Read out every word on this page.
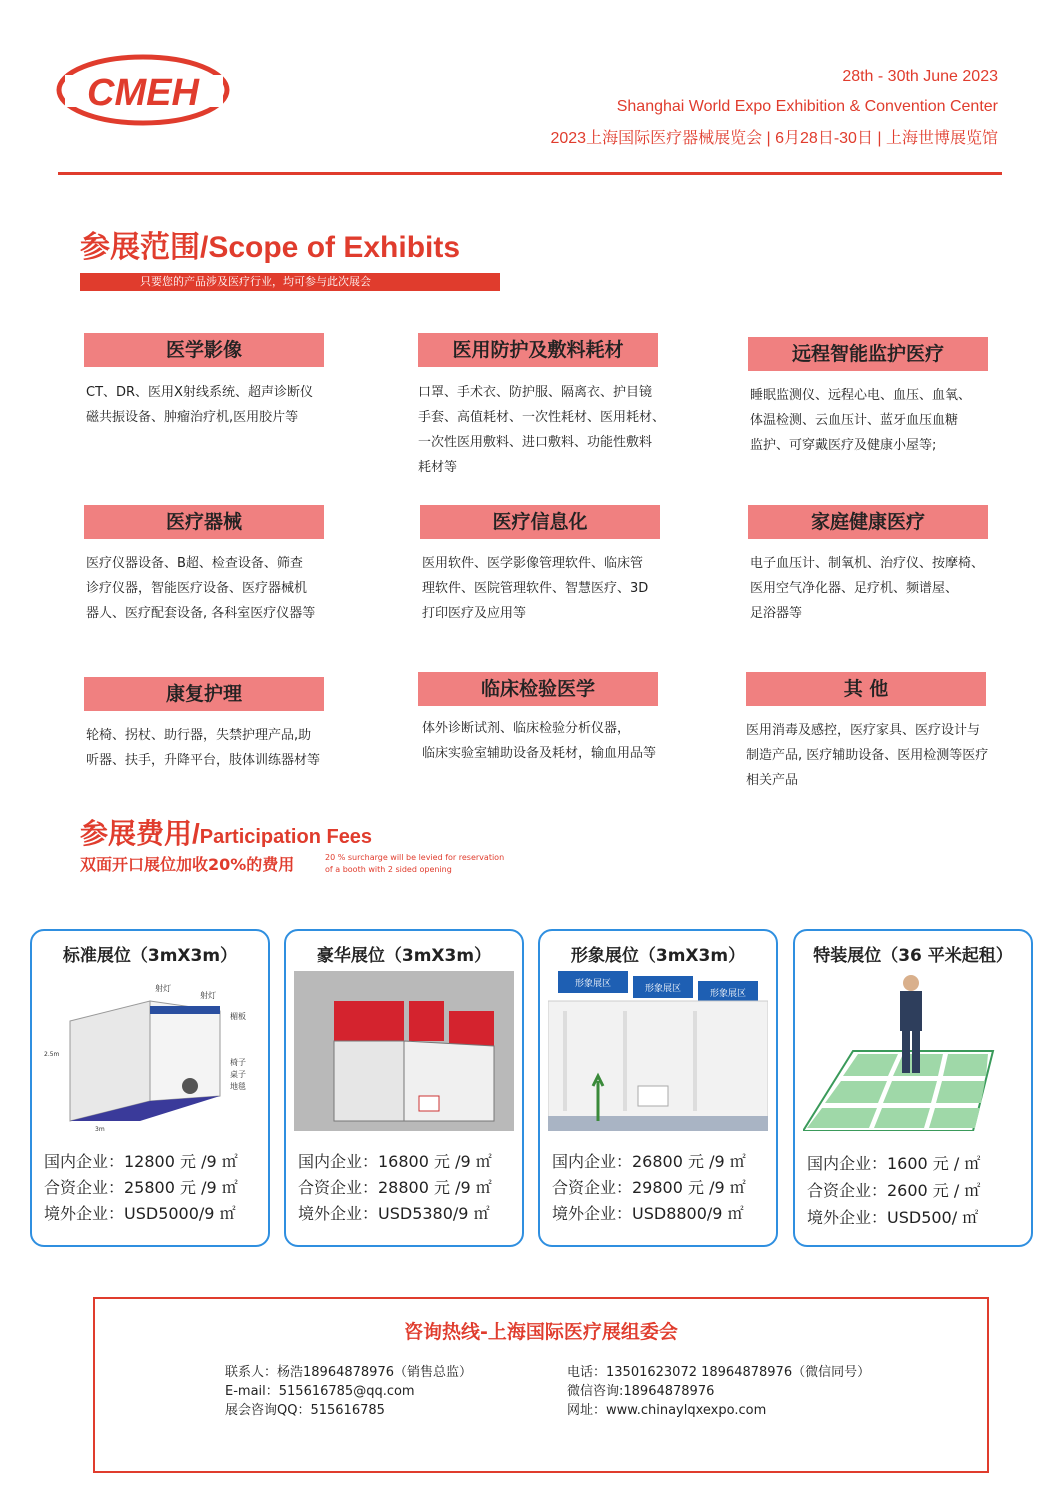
CMEH	28th - 30th June 2023
Shanghai World Expo Exhibition & Convention Center
2023上海国际医疗器械展览会 | 6月28日-30日 | 上海世博展览馆
参展范围/Scope of Exhibits
只要您的产品涉及医疗行业，均可参与此次展会
医学影像
CT、DR、医用X射线系统、超声诊断仪
磁共振设备、肿瘤治疗机,医用胶片等
医用防护及敷料耗材
口罩、手术衣、防护服、隔离衣、护目镜
手套、高值耗材、一次性耗材、医用耗材、
一次性医用敷料、进口敷料、功能性敷料
耗材等
远程智能监护医疗
睡眠监测仪、远程心电、血压、血氧、
体温检测、云血压计、蓝牙血压血糖
监护、可穿戴医疗及健康小屋等;
医疗器械
医疗仪器设备、B超、检查设备、筛查
诊疗仪器，智能医疗设备、医疗器械机
器人、医疗配套设备, 各科室医疗仪器等
医疗信息化
医用软件、医学影像管理软件、临床管
理软件、医院管理软件、智慧医疗、3D
打印医疗及应用等
家庭健康医疗
电子血压计、制氧机、治疗仪、按摩椅、
医用空气净化器、足疗机、频谱屋、
足浴器等
康复护理
轮椅、拐杖、助行器，失禁护理产品,助
听器、扶手，升降平台，肢体训练器材等
临床检验医学
体外诊断试剂、临床检验分析仪器，
临床实验室辅助设备及耗材，输血用品等
其 他
医用消毒及感控，医疗家具、医疗设计与
制造产品, 医疗辅助设备、医用检测等医疗
相关产品
参展费用/Participation Fees
双面开口展位加收20%的费用	20 % surcharge will be levied for reservation
of a booth with 2 sided opening
标准展位（3mX3m）
射灯
射灯
楣板
椅子
桌子
地毯
2.5m
3m
国内企业：12800 元 /9 ㎡
合资企业：25800 元 /9 ㎡
境外企业：USD5000/9 ㎡
豪华展位（3mX3m）
国内企业：16800 元 /9 ㎡
合资企业：28800 元 /9 ㎡
境外企业：USD5380/9 ㎡
形象展位（3mX3m）
形象展区	形象展区	形象展区
国内企业：26800 元 /9 ㎡
合资企业：29800 元 /9 ㎡
境外企业：USD8800/9 ㎡
特装展位（36 平米起租）
国内企业：1600 元 / ㎡
合资企业：2600 元 / ㎡
境外企业：USD500/ ㎡
咨询热线-上海国际医疗展组委会
联系人：杨浩18964878976（销售总监）
E-mail：515616785@qq.com
展会咨询QQ：515616785
电话：13501623072 18964878976（微信同号）
微信咨询:18964878976
网址：www.chinaylqxexpo.com
